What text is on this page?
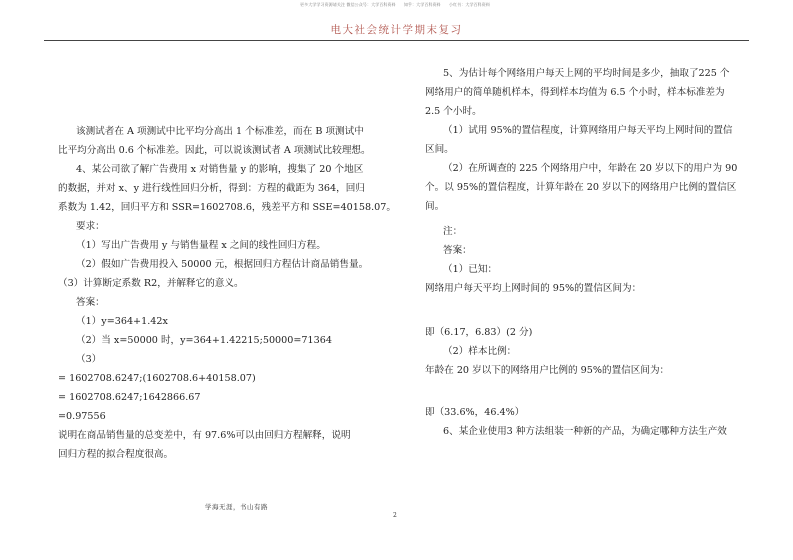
更多大学学习资源请关注 微信公众号：大学百科资料　　知乎：大学百科资料　　小红书：大学百科资料
电大社会统计学期末复习

该测试者在 A 项测试中比平均分高出 1 个标准差，而在 B 项测试中

比平均分高出 0.6 个标准差。因此，可以说该测试者 A 项测试比较理想。

4、某公司欲了解广告费用 x 对销售量 y 的影响，搜集了 20 个地区

的数据，并对 x、y 进行线性回归分析，得到：方程的截距为 364，回归

系数为 1.42，回归平方和 SSR=1602708.6，残差平方和 SSE=40158.07。

要求：

（1）写出广告费用 y 与销售量程 x 之间的线性回归方程。

（2）假如广告费用投入 50000 元，根据回归方程估计商品销售量。

（3）计算断定系数 R2，并解释它的意义。

答案：

（1）y=364+1.42x

（2）当 x=50000 时，y=364+1.42215;50000=71364

（3）

= 1602708.6247;(1602708.6+40158.07)

= 1602708.6247;1642866.67

=0.97556

说明在商品销售量的总变差中，有 97.6%可以由回归方程解释，说明

回归方程的拟合程度很高。

5、为估计每个网络用户每天上网的平均时间是多少，抽取了225 个

网络用户的简单随机样本，得到样本均值为 6.5 个小时，样本标准差为

2.5 个小时。

（1）试用 95%的置信程度，计算网络用户每天平均上网时间的置信

区间。

（2）在所调查的 225 个网络用户中，年龄在 20 岁以下的用户为 90

个。以 95%的置信程度，计算年龄在 20 岁以下的网络用户比例的置信区

间。

注：

答案：

（1）已知：

网络用户每天平均上网时间的 95%的置信区间为：

即（6.17，6.83）(2 分)

（2）样本比例：

年龄在 20 岁以下的网络用户比例的 95%的置信区间为：

即（33.6%，46.4%）

6、某企业使用3 种方法组装一种新的产品，为确定哪种方法生产效

学海无涯，书山有路
2
